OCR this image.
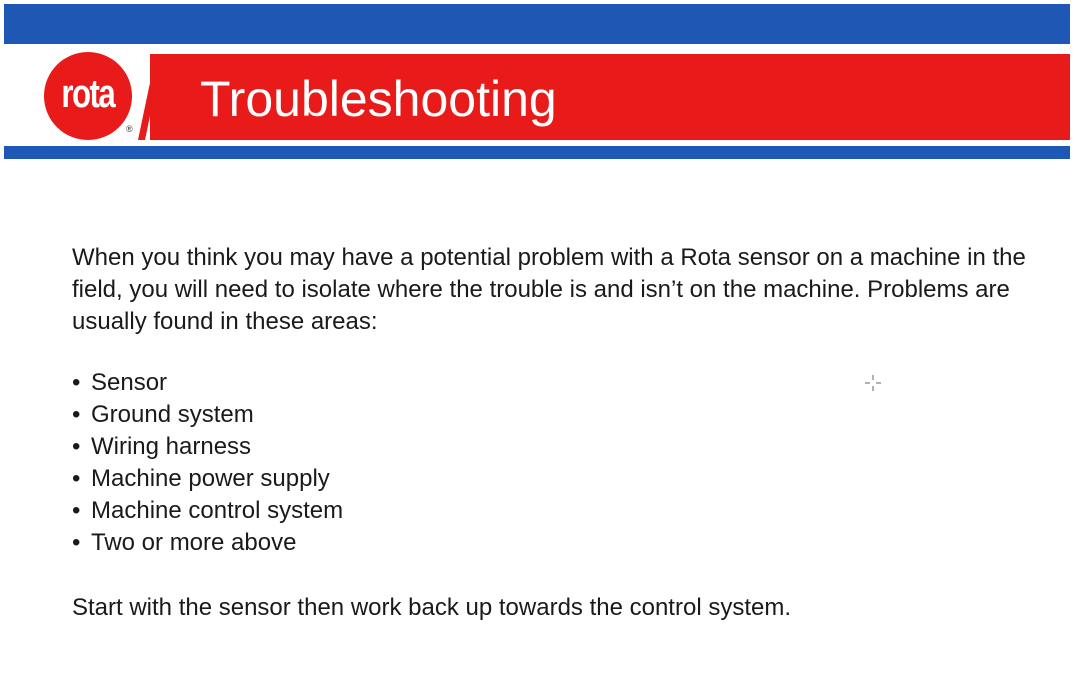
rota
®
Troubleshooting

When you think you may have a potential problem with a Rota sensor on a machine in the field, you will need to isolate where the trouble is and isn’t on the machine. Problems are usually found in these areas:

• Sensor
• Ground system
• Wiring harness
• Machine power supply
• Machine control system
• Two or more above

Start with the sensor then work back up towards the control system.
